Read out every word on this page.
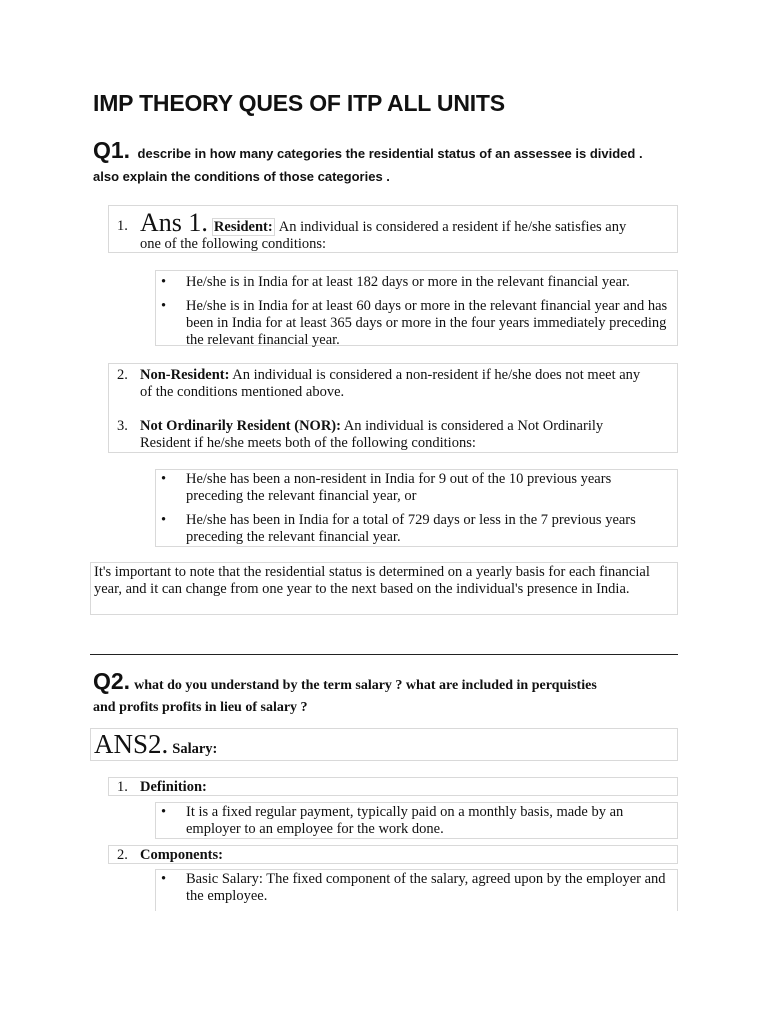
IMP THEORY QUES OF ITP ALL UNITS
Q1. describe in how many categories the residential status of an assessee is divided .
also explain the conditions of those categories .
1. Ans 1. Resident: An individual is considered a resident if he/she satisfies any
one of the following conditions:
• He/she is in India for at least 182 days or more in the relevant financial year.
• He/she is in India for at least 60 days or more in the relevant financial year and has been in India for at least 365 days or more in the four years immediately preceding the relevant financial year.
2. Non-Resident: An individual is considered a non-resident if he/she does not meet any
of the conditions mentioned above.
3. Not Ordinarily Resident (NOR): An individual is considered a Not Ordinarily
Resident if he/she meets both of the following conditions:
• He/she has been a non-resident in India for 9 out of the 10 previous years preceding the relevant financial year, or
• He/she has been in India for a total of 729 days or less in the 7 previous years preceding the relevant financial year.
It's important to note that the residential status is determined on a yearly basis for each financial year, and it can change from one year to the next based on the individual's presence in India.
Q2. what do you understand by the term salary ? what are included in perquisties
and profits profits in lieu of salary ?
ANS2. Salary:
1. Definition:
• It is a fixed regular payment, typically paid on a monthly basis, made by an employer to an employee for the work done.
2. Components:
• Basic Salary: The fixed component of the salary, agreed upon by the employer and the employee.
